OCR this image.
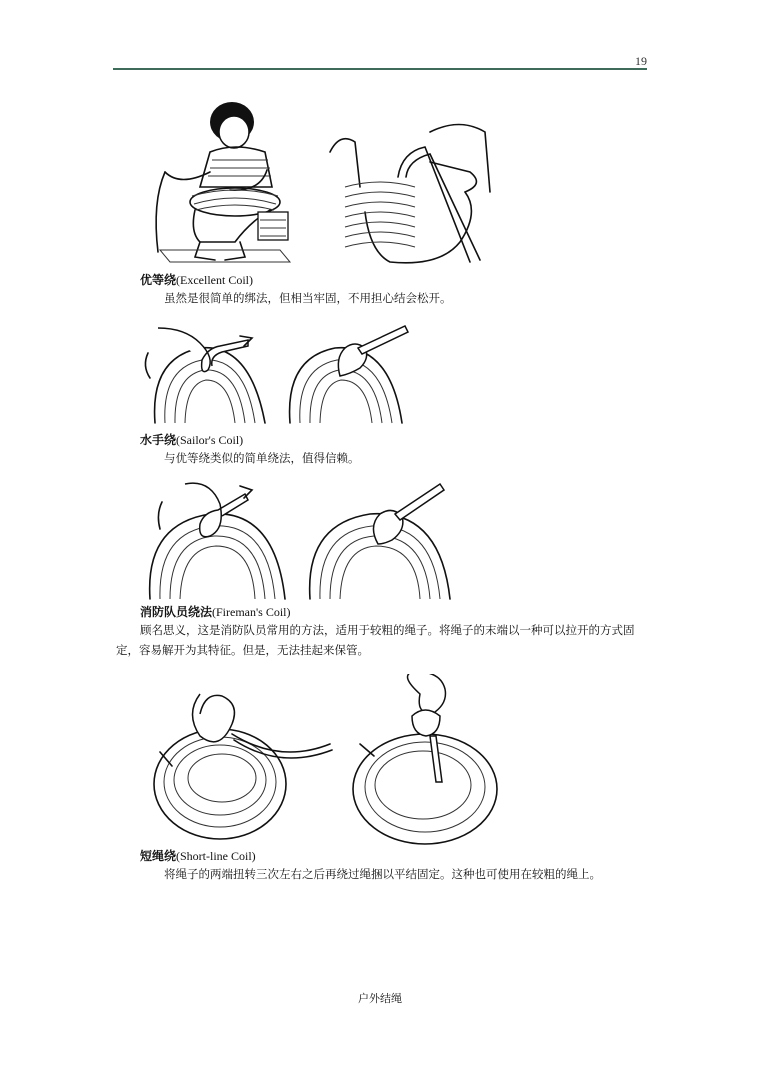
19
优等绕(Excellent Coil)

虽然是很简单的绑法，但相当牢固，不用担心结会松开。

水手绕(Sailor's Coil)

与优等绕类似的简单绕法，值得信赖。

消防队员绕法(Fireman's Coil)

顾名思义，这是消防队员常用的方法，适用于较粗的绳子。将绳子的末端以一种可以拉开的方式固定，容易解开为其特征。但是，无法挂起来保管。

短绳绕(Short-line Coil)

将绳子的两端扭转三次左右之后再绕过绳捆以平结固定。这种也可使用在较粗的绳上。

户外结绳
